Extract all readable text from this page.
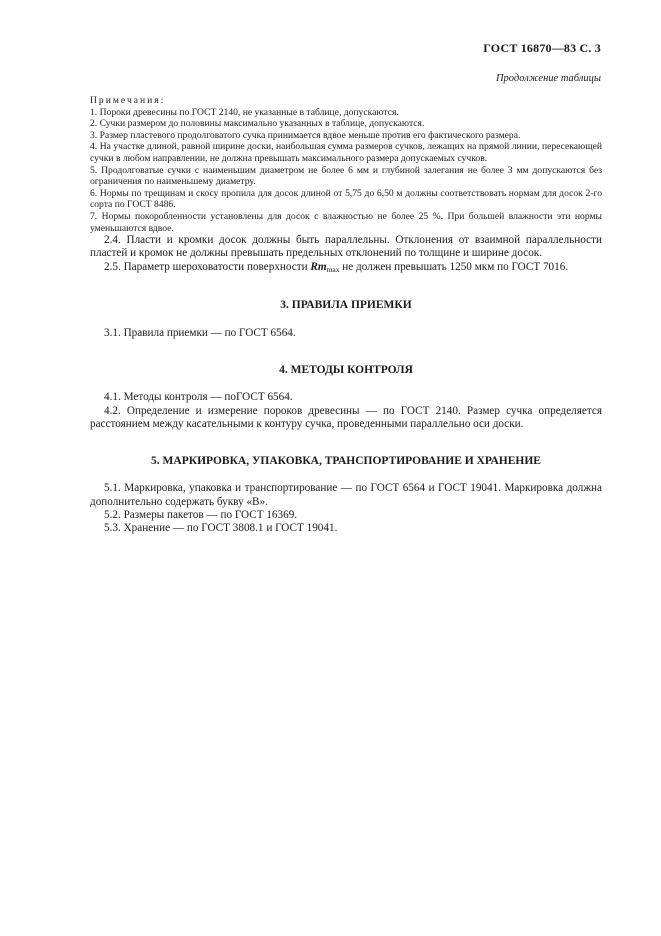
ГОСТ 16870—83 С. 3
Продолжение таблицы

Примечания:

1. Пороки древесины по ГОСТ 2140, не указанные в таблице, допускаются.

2. Сучки размером до половины максимально указанных в таблице, допускаются.

3. Размер пластевого продолговатого сучка принимается вдвое меньше против его фактического размера.

4. На участке длиной, равной ширине доски, наибольшая сумма размеров сучков, лежащих на прямой линии, пересекающей сучки в любом направлении, не должна превышать максимального размера допускаемых сучков.

5. Продолговатые сучки с наименьшим диаметром не более 6 мм и глубиной залегания не более 3 мм допускаются без ограничения по наименьшему диаметру.

6. Нормы по трещинам и скосу пропила для досок длиной от 5,75 до 6,50 м должны соответствовать нормам для досок 2-го сорта по ГОСТ 8486.

7. Нормы покоробленности установлены для досок с влажностью не более 25 %. При большей влажности эти нормы уменьшаются вдвое.

2.4. Пласти и кромки досок должны быть параллельны. Отклонения от взаимной параллельности пластей и кромок не должны превышать предельных отклонений по толщине и ширине досок.

2.5. Параметр шероховатости поверхности $Rm_{max}$ не должен превышать 1250 мкм по ГОСТ 7016.

3. ПРАВИЛА ПРИЕМКИ

3.1. Правила приемки — по ГОСТ 6564.

4. МЕТОДЫ КОНТРОЛЯ

4.1. Методы контроля — поГОСТ 6564.

4.2. Определение и измерение пороков древесины — по ГОСТ 2140. Размер сучка определяется расстоянием между касательными к контуру сучка, проведенными параллельно оси доски.

5. МАРКИРОВКА, УПАКОВКА, ТРАНСПОРТИРОВАНИЕ И ХРАНЕНИЕ

5.1. Маркировка, упаковка и транспортирование — по ГОСТ 6564 и ГОСТ 19041. Маркировка должна дополнительно содержать букву «В».

5.2. Размеры пакетов — по ГОСТ 16369.

5.3. Хранение — по ГОСТ 3808.1 и ГОСТ 19041.
